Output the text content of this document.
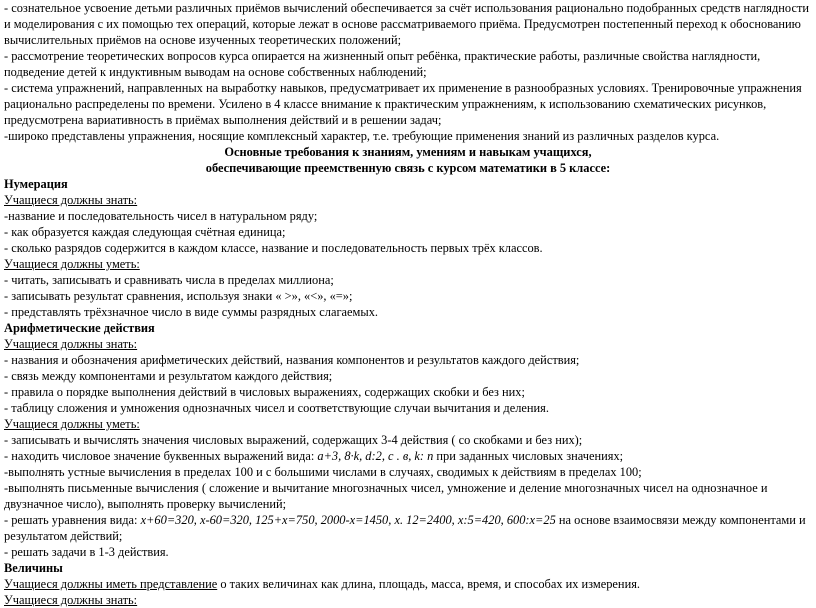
- сознательное усвоение детьми различных приёмов вычислений обеспечивается за счёт использования рационально подобранных средств наглядности и моделирования с их помощью тех операций, которые лежат в основе рассматриваемого приёма. Предусмотрен постепенный переход к обоснованию вычислительных приёмов на основе изученных теоретических положений;

- рассмотрение теоретических вопросов курса опирается на жизненный опыт ребёнка, практические работы, различные свойства наглядности, подведение детей к индуктивным выводам на основе собственных наблюдений;

- система упражнений, направленных на выработку навыков, предусматривает их применение в разнообразных условиях. Тренировочные упражнения рационально распределены по времени. Усилено в 4 классе внимание к практическим упражнениям, к использованию схематических рисунков, предусмотрена вариативность в приёмах выполнения действий и в решении задач;

-широко представлены упражнения, носящие комплексный характер, т.е. требующие применения знаний из различных разделов курса.

Основные требования к знаниям, умениям и навыкам учащихся,

обеспечивающие преемственную связь с курсом математики в 5 классе:

Нумерация

Учащиеся должны знать:

-название и последовательность чисел в натуральном ряду;

- как образуется каждая следующая счётная единица;

- сколько разрядов содержится в каждом классе, название и последовательность первых трёх классов.

Учащиеся должны уметь:

- читать, записывать и сравнивать числа в пределах миллиона;

- записывать результат сравнения, используя знаки « >», «<», «=»;

- представлять трёхзначное число в виде суммы разрядных слагаемых.

Арифметические действия

Учащиеся должны знать:

- названия и обозначения арифметических действий, названия компонентов и результатов каждого действия;

- связь между компонентами и результатом каждого действия;

- правила о порядке выполнения действий в числовых выражениях, содержащих скобки и без них;

- таблицу сложения и умножения однозначных чисел и соответствующие случаи вычитания и деления.

Учащиеся должны уметь:

- записывать и вычислять значения числовых выражений, содержащих 3-4 действия ( со скобками и без них);

- находить числовое значение буквенных выражений вида: a+3, 8·k, d:2, c . в, k: n при заданных числовых значениях;

-выполнять устные вычисления в пределах 100 и с большими числами в случаях, сводимых к действиям в пределах 100;

-выполнять письменные вычисления ( сложение и вычитание многозначных чисел, умножение и деление многозначных чисел на однозначное и двузначное число), выполнять проверку вычислений;

- решать уравнения вида: x+60=320, x-60=320, 125+x=750, 2000-x=1450, x. 12=2400, x:5=420, 600:x=25 на основе взаимосвязи между компонентами и результатом действий;

- решать задачи в 1-3 действия.

Величины

Учащиеся должны иметь представление о таких величинах как длина, площадь, масса, время, и способах их измерения.

Учащиеся должны знать:
